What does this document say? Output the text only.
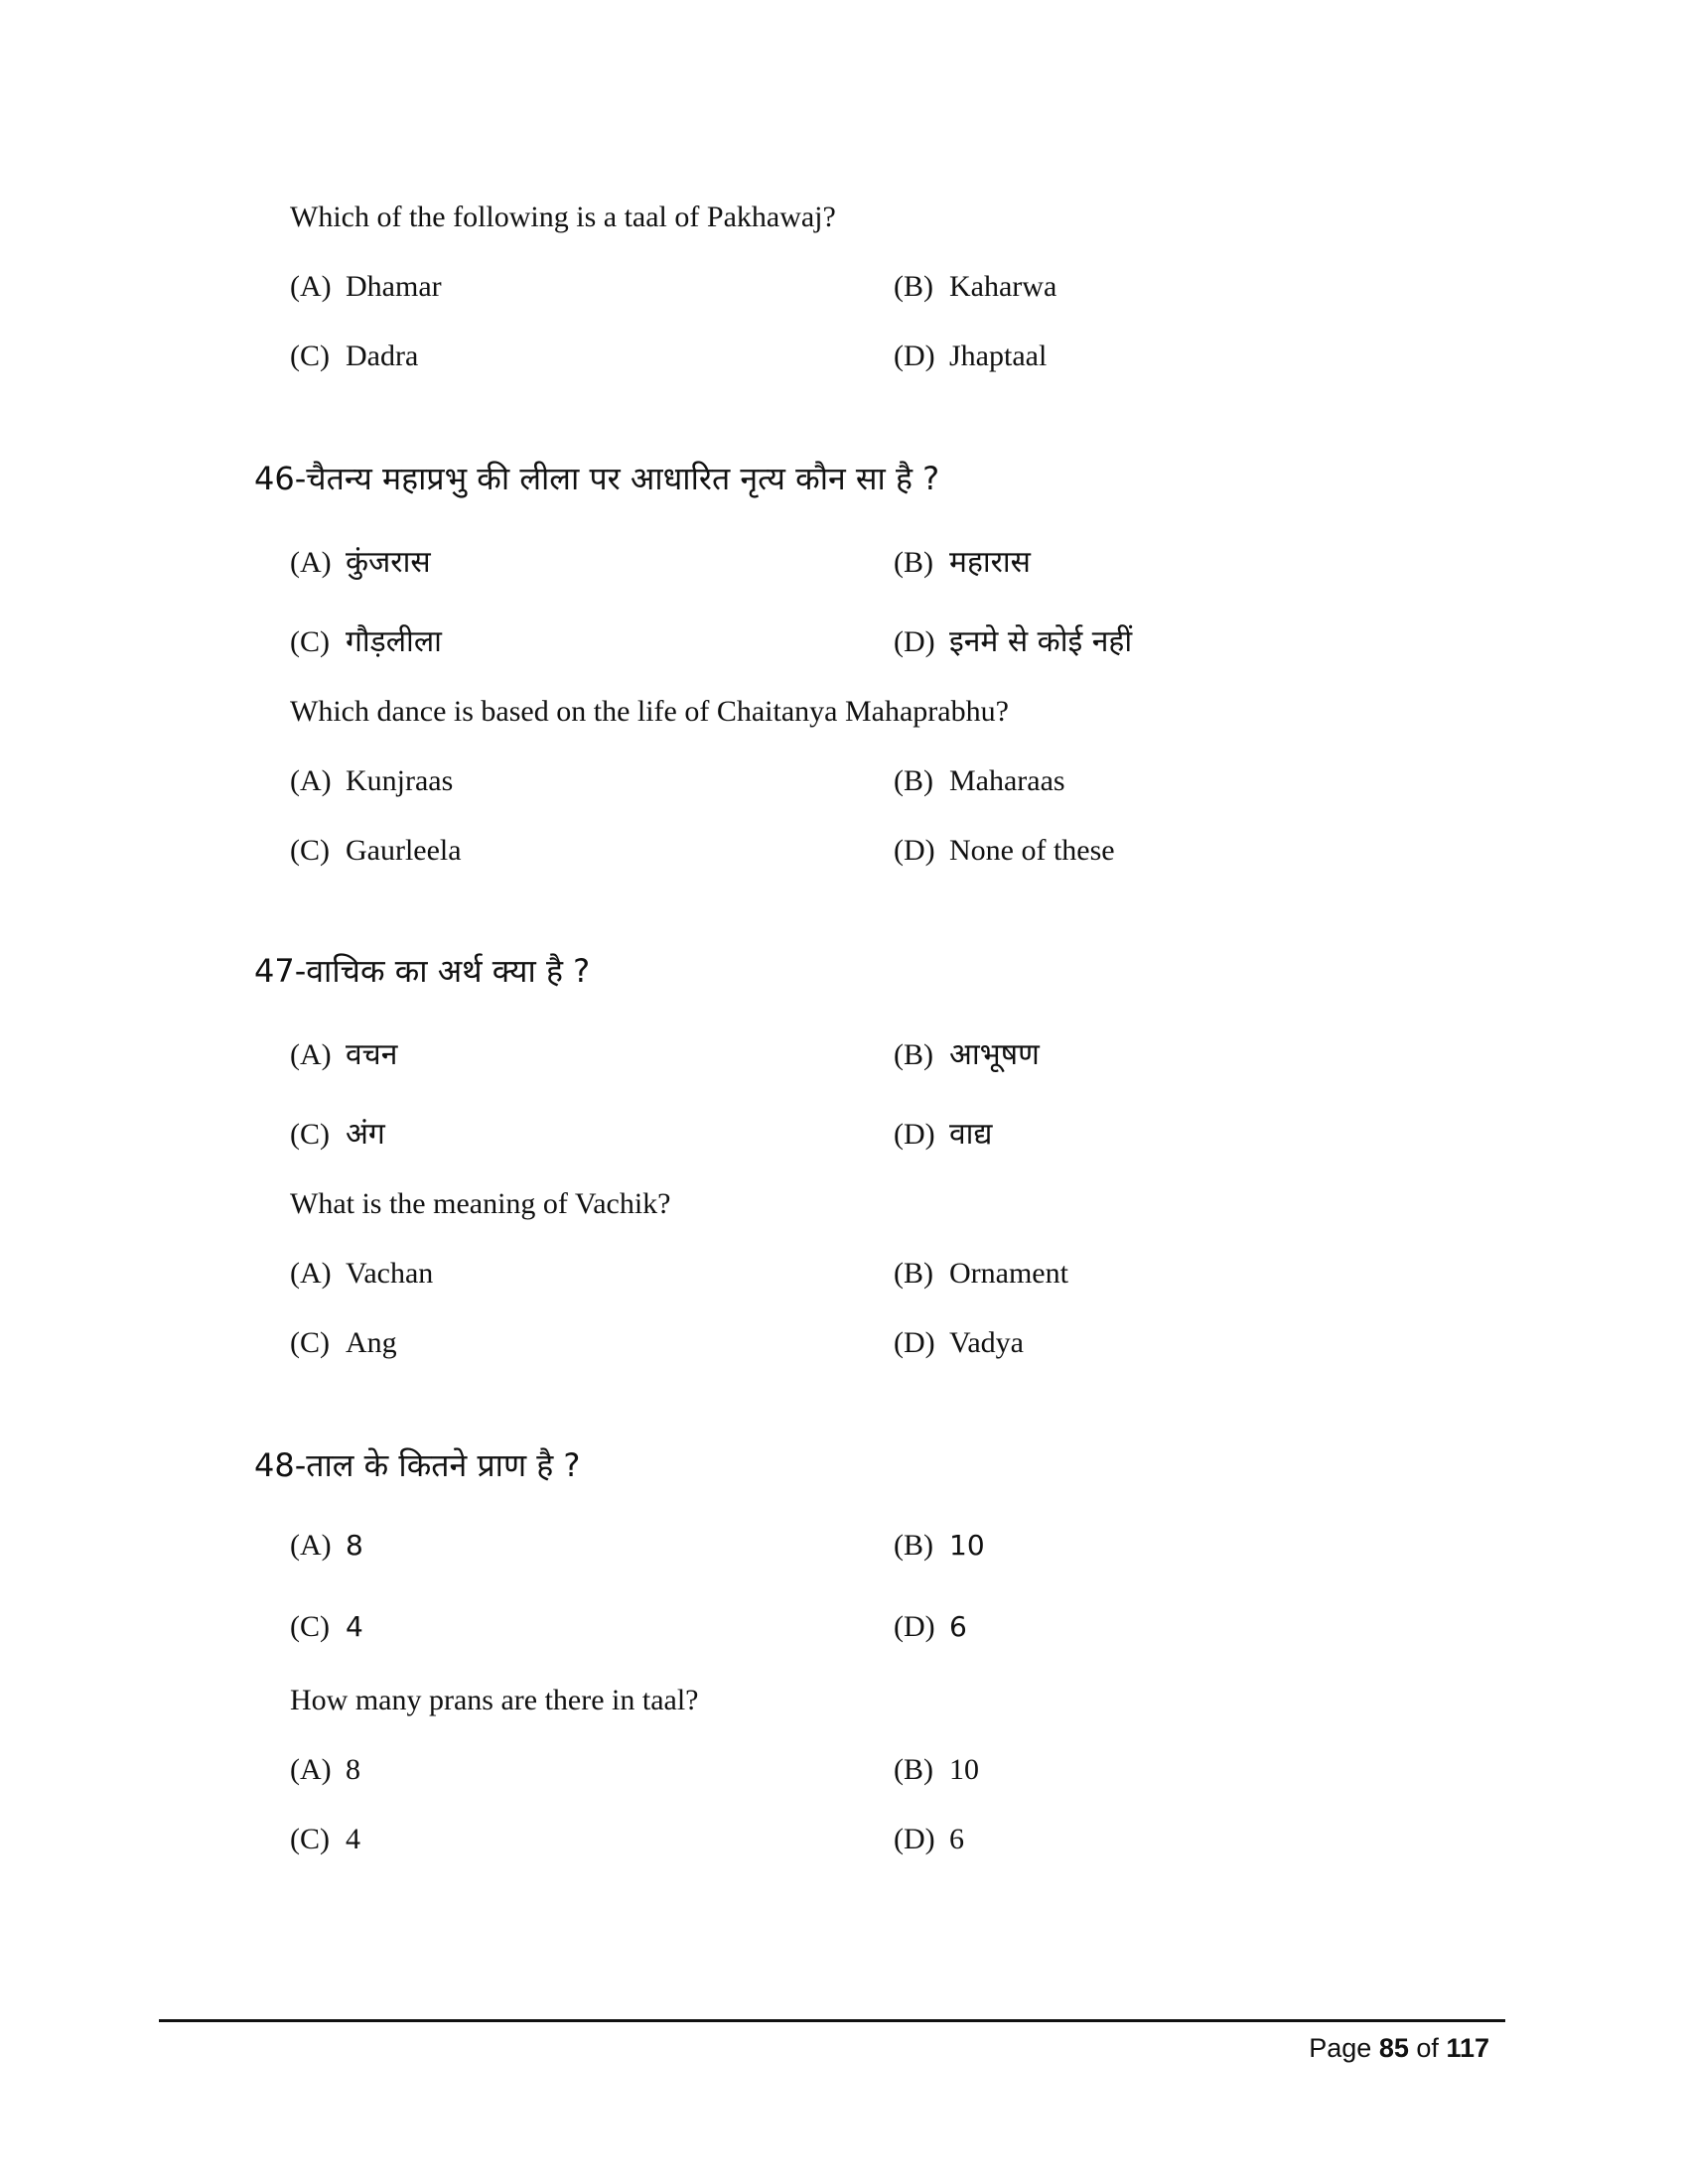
Which of the following is a taal of Pakhawaj?
(A) Dhamar	(B) Kaharwa
(C) Dadra	(D) Jhaptaal
46-चैतन्य महाप्रभु की लीला पर आधारित नृत्य कौन सा है ?
(A) कुंजरास	(B) महारास
(C) गौड़लीला	(D) इनमे से कोई नहीं
Which dance is based on the life of Chaitanya Mahaprabhu?
(A) Kunjraas	(B) Maharaas
(C) Gaurleela	(D) None of these
47-वाचिक का अर्थ क्या है ?
(A) वचन	(B) आभूषण
(C) अंग	(D) वाद्य
What is the meaning of Vachik?
(A) Vachan	(B) Ornament
(C) Ang	(D) Vadya
48-ताल के कितने प्राण है ?
(A) 8	(B) 10
(C) 4	(D) 6
How many prans are there in taal?
(A) 8	(B) 10
(C) 4	(D) 6
Page 85 of 117
